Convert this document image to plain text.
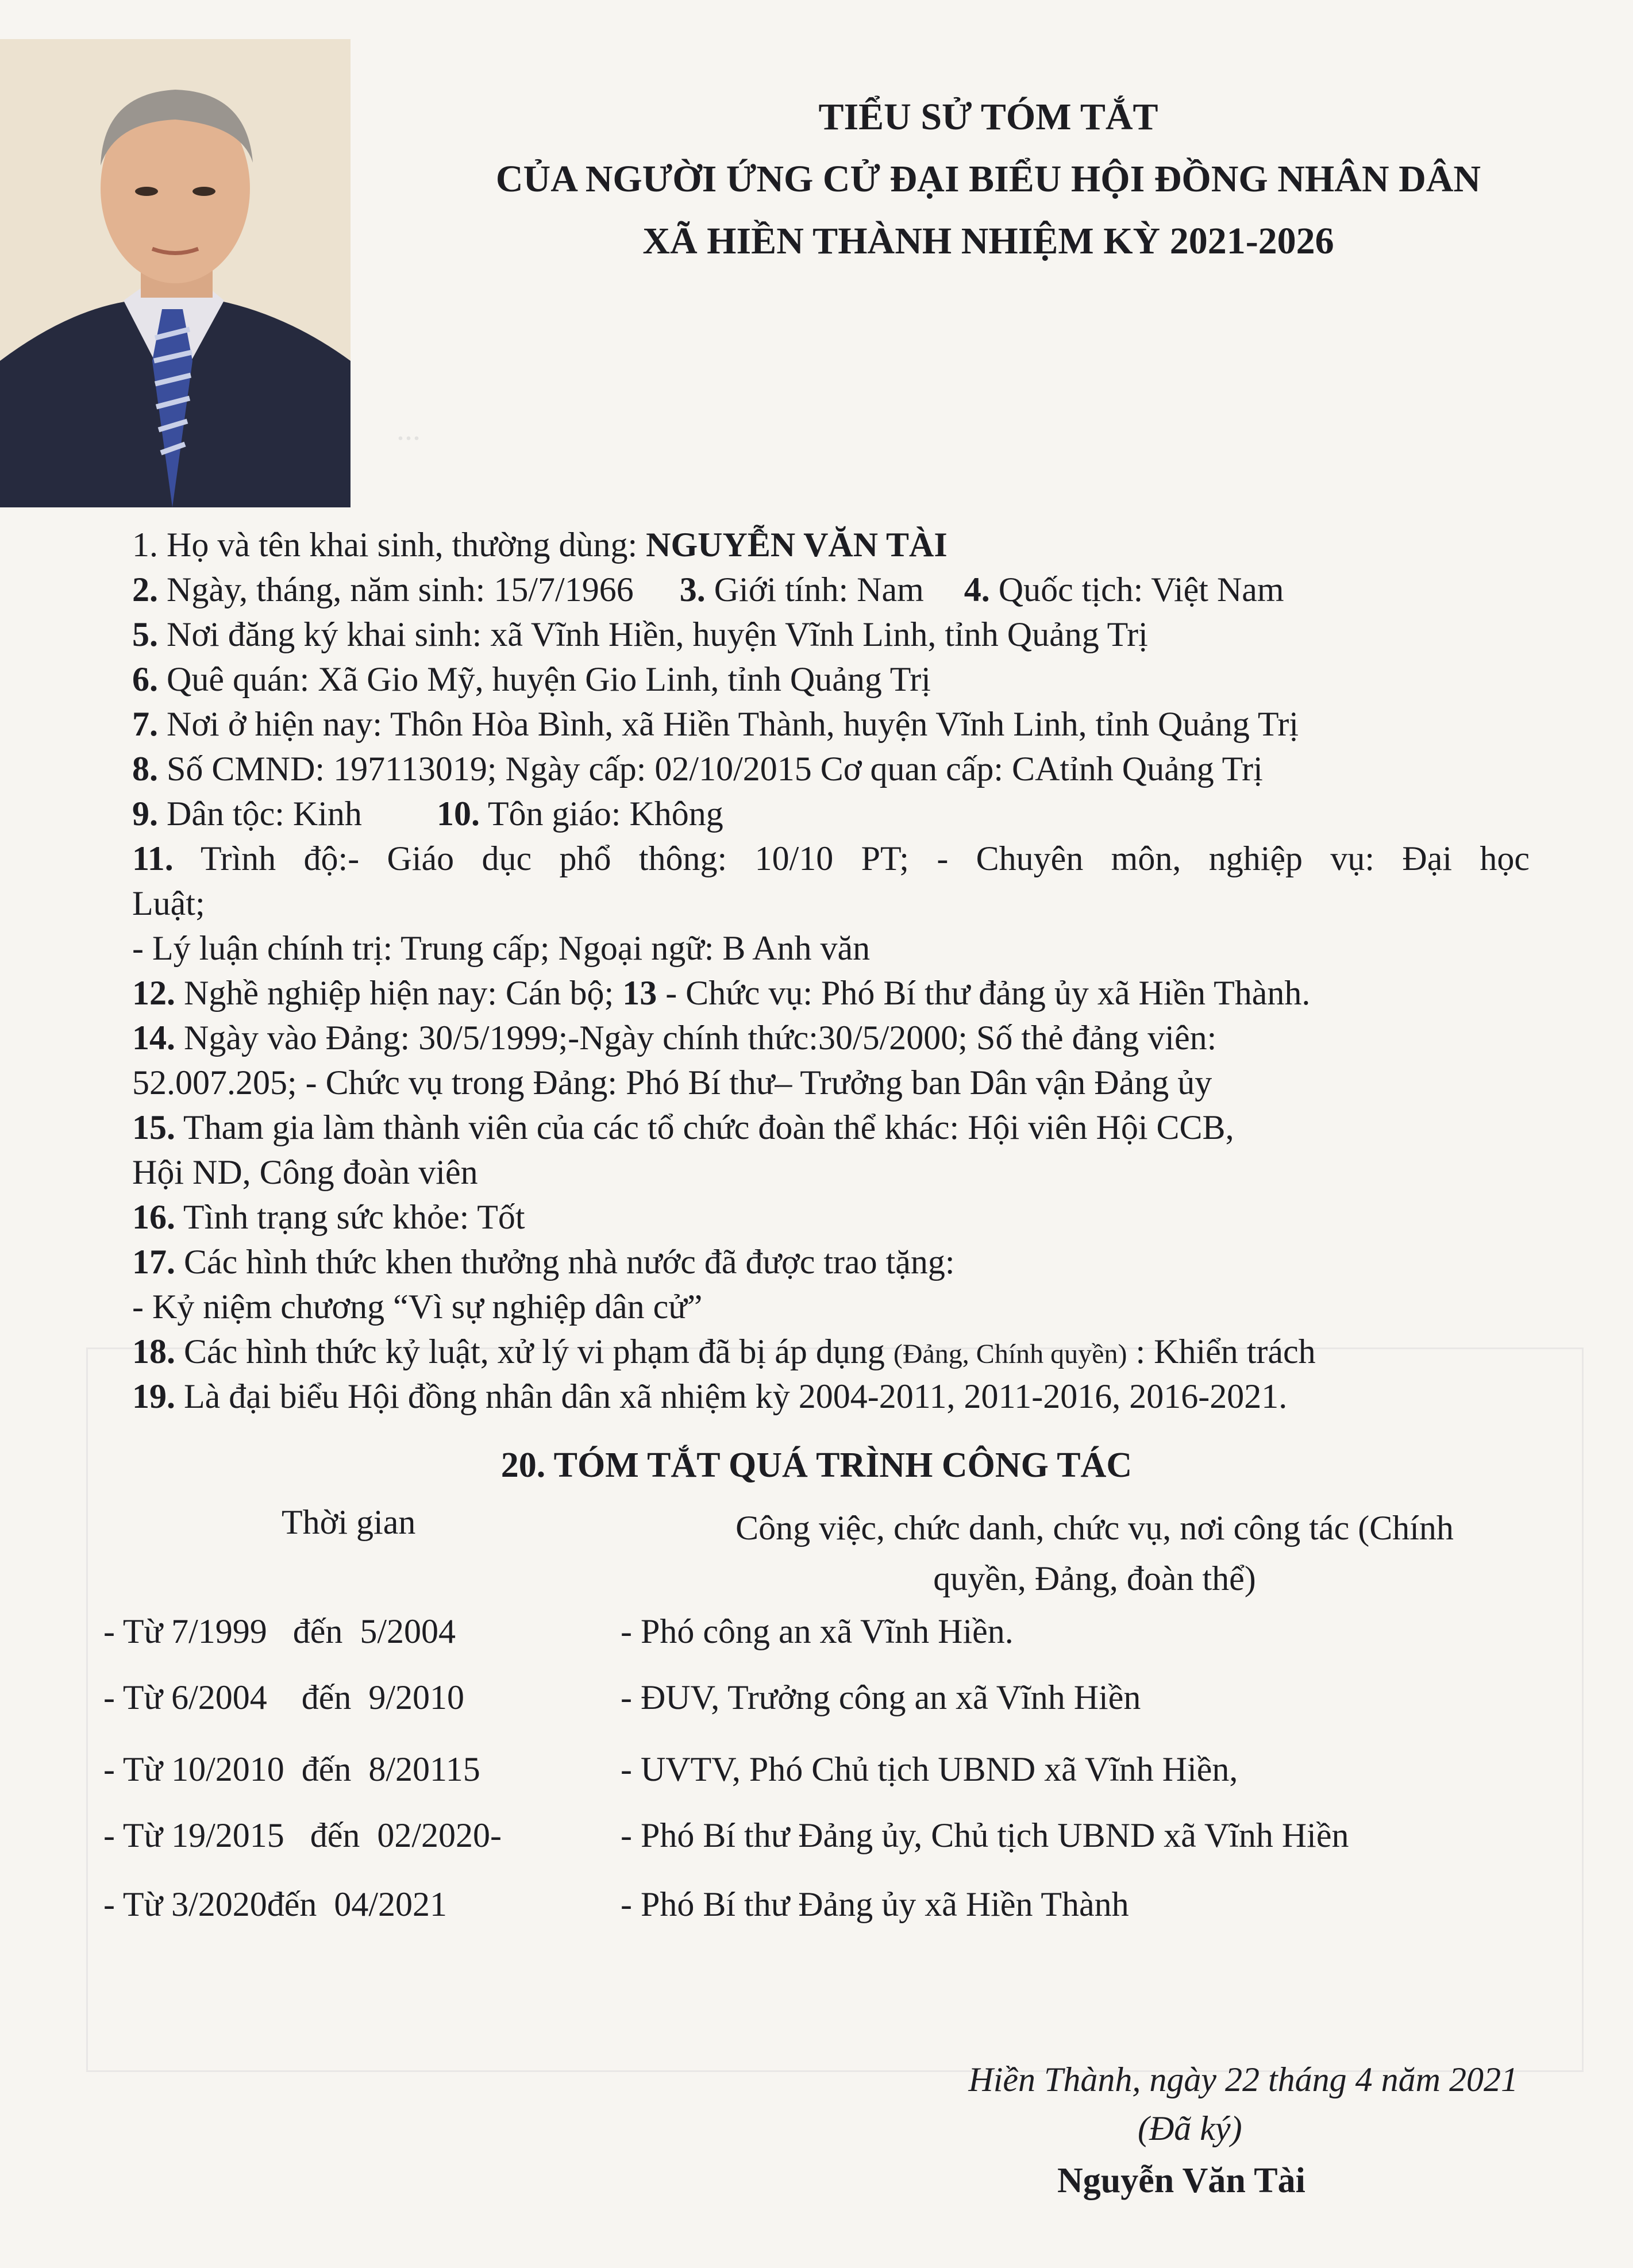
...
TIỂU SỬ TÓM TẮT
CỦA NGƯỜI ỨNG CỬ ĐẠI BIỂU HỘI ĐỒNG NHÂN DÂN
XÃ HIỀN THÀNH NHIỆM KỲ 2021-2026
1. Họ và tên khai sinh, thường dùng: NGUYỄN VĂN TÀI
2. Ngày, tháng, năm sinh: 15/7/1966 3. Giới tính: Nam 4. Quốc tịch: Việt Nam
5. Nơi đăng ký khai sinh: xã Vĩnh Hiền, huyện Vĩnh Linh, tỉnh Quảng Trị
6. Quê quán: Xã Gio Mỹ, huyện Gio Linh, tỉnh Quảng Trị
7. Nơi ở hiện nay: Thôn Hòa Bình, xã Hiền Thành, huyện Vĩnh Linh, tỉnh Quảng Trị
8. Số CMND: 197113019; Ngày cấp: 02/10/2015 Cơ quan cấp: CAtỉnh Quảng Trị
9. Dân tộc: Kinh 10. Tôn giáo: Không
11. Trình độ:- Giáo dục phổ thông: 10/10 PT; - Chuyên môn, nghiệp vụ: Đại học
Luật;
- Lý luận chính trị: Trung cấp; Ngoại ngữ: B Anh văn
12. Nghề nghiệp hiện nay: Cán bộ; 13 - Chức vụ: Phó Bí thư đảng ủy xã Hiền Thành.
14. Ngày vào Đảng: 30/5/1999;-Ngày chính thức:30/5/2000; Số thẻ đảng viên:
52.007.205; - Chức vụ trong Đảng: Phó Bí thư– Trưởng ban Dân vận Đảng ủy
15. Tham gia làm thành viên của các tổ chức đoàn thể khác: Hội viên Hội CCB,
Hội ND, Công đoàn viên
16. Tình trạng sức khỏe: Tốt
17. Các hình thức khen thưởng nhà nước đã được trao tặng:
- Kỷ niệm chương “Vì sự nghiệp dân cử”
18. Các hình thức kỷ luật, xử lý vi phạm đã bị áp dụng (Đảng, Chính quyền) : Khiển trách
19. Là đại biểu Hội đồng nhân dân xã nhiệm kỳ 2004-2011, 2011-2016, 2016-2021.
20. TÓM TẮT QUÁ TRÌNH CÔNG TÁC
Thời gian	Công việc, chức danh, chức vụ, nơi công tác (Chính
quyền, Đảng, đoàn thể)
- Từ 7/1999   đến  5/2004	- Phó công an xã Vĩnh Hiền.
- Từ 6/2004    đến  9/2010	- ĐUV, Trưởng công an xã Vĩnh Hiền
- Từ 10/2010  đến  8/20115	- UVTV, Phó Chủ tịch UBND xã Vĩnh Hiền,
- Từ 19/2015   đến  02/2020-	- Phó Bí thư Đảng ủy, Chủ tịch UBND xã Vĩnh Hiền
- Từ 3/2020đến  04/2021	- Phó Bí thư Đảng ủy xã Hiền Thành
Hiền Thành, ngày 22 tháng 4 năm 2021
(Đã ký)
Nguyễn Văn Tài
